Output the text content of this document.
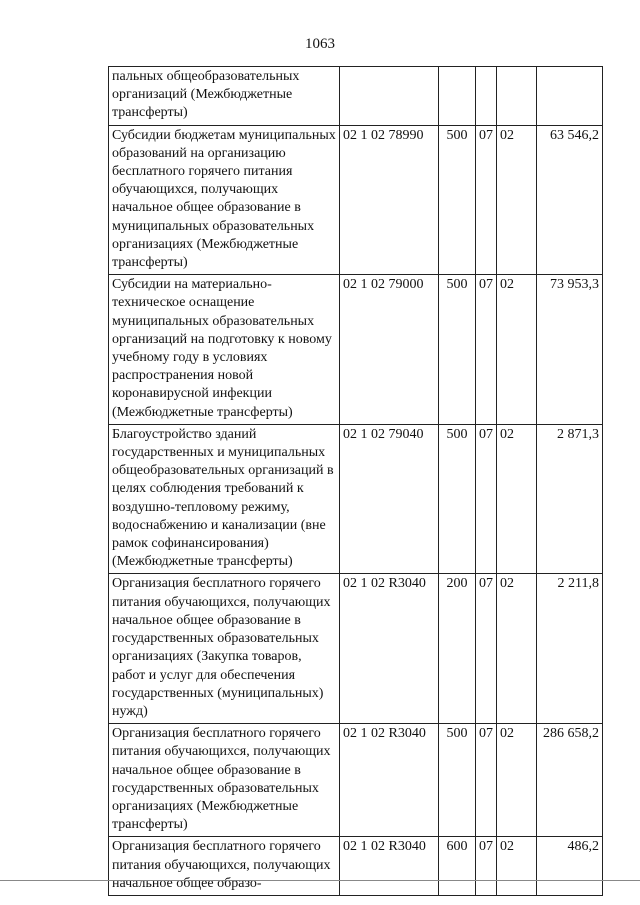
1063
пальных общеобразовательных организаций (Межбюджетные трансферты)					
Субсидии бюджетам муниципальных образований на организацию бесплатного горячего питания обучающихся, получающих начальное общее образование в муниципальных образовательных организациях (Межбюджетные трансферты)	02 1 02 78990	500	07	02	63 546,2
Субсидии на материально-техническое оснащение муниципальных образовательных организаций на подготовку к новому учебному году в условиях распространения новой коронавирусной инфекции (Межбюджетные трансферты)	02 1 02 79000	500	07	02	73 953,3
Благоустройство зданий государственных и муниципальных общеобразовательных организаций в целях соблюдения требований к воздушно-тепловому режиму, водоснабжению и канализации (вне рамок софинансирования) (Межбюджетные трансферты)	02 1 02 79040	500	07	02	2 871,3
Организация бесплатного горячего питания обучающихся, получающих начальное общее образование в государственных образовательных организациях (Закупка товаров, работ и услуг для обеспечения государственных (муниципальных) нужд)	02 1 02 R3040	200	07	02	2 211,8
Организация бесплатного горячего питания обучающихся, получающих начальное общее образование в государственных образовательных организациях (Межбюджетные трансферты)	02 1 02 R3040	500	07	02	286 658,2
Организация бесплатного горячего питания обучающихся, получающих начальное общее образо-	02 1 02 R3040	600	07	02	486,2
